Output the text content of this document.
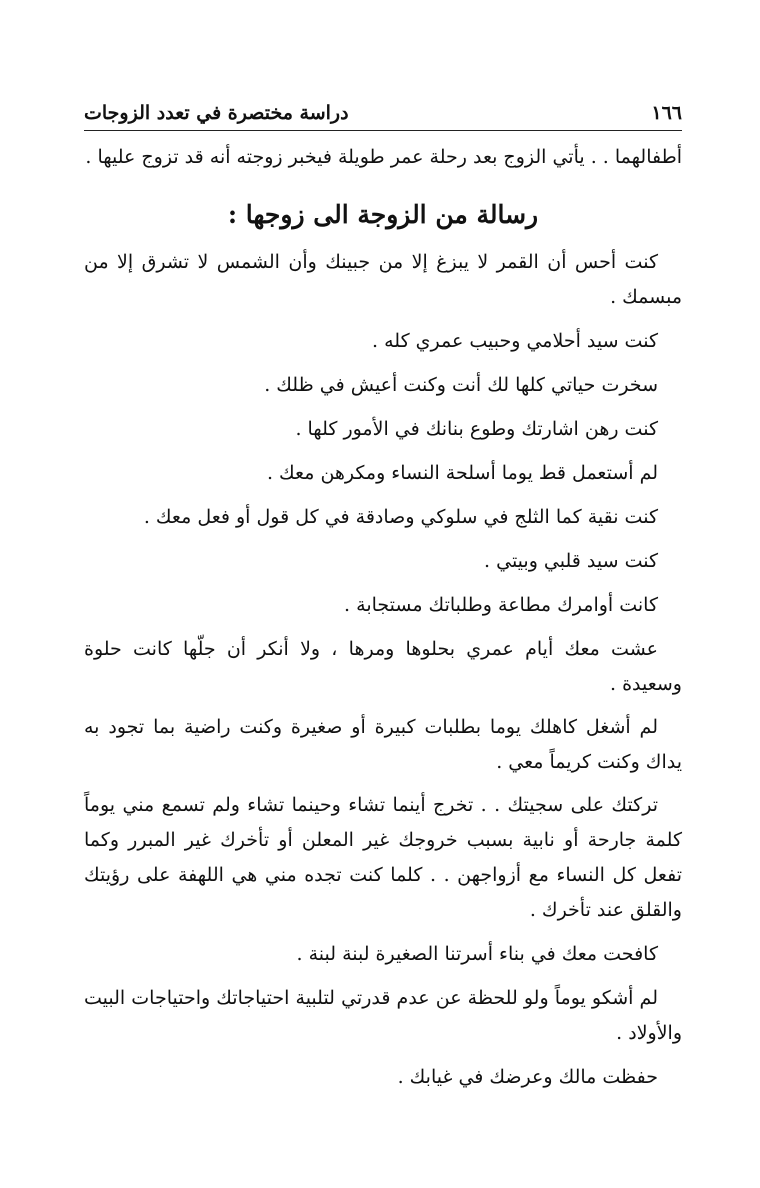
١٦٦
دراسة مختصرة في تعدد الزوجات

أطفالهما . . يأتي الزوج بعد رحلة عمر طويلة فيخبر زوجته أنه قد تزوج عليها .

رسالة من الزوجة الى زوجها :

كنت أحس أن القمر لا يبزغ إلا من جبينك وأن الشمس لا تشرق إلا من مبسمك .

كنت سيد أحلامي وحبيب عمري كله .

سخرت حياتي كلها لك أنت وكنت أعيش في ظلك .

كنت رهن اشارتك وطوع بنانك في الأمور كلها .

لم أستعمل قط يوما أسلحة النساء ومكرهن معك .

كنت نقية كما الثلج في سلوكي وصادقة في كل قول أو فعل معك .

كنت سيد قلبي وبيتي .

كانت أوامرك مطاعة وطلباتك مستجابة .

عشت معك أيام عمري بحلوها ومرها ، ولا أنكر أن جلّها كانت حلوة وسعيدة .

لم أشغل كاهلك يوما بطلبات كبيرة أو صغيرة وكنت راضية بما تجود به يداك وكنت كريماً معي .

تركتك على سجيتك . . تخرج أينما تشاء وحينما تشاء ولم تسمع مني يوماً كلمة جارحة أو نابية بسبب خروجك غير المعلن أو تأخرك غير المبرر وكما تفعل كل النساء مع أزواجهن . . كلما كنت تجده مني هي اللهفة على رؤيتك والقلق عند تأخرك .

كافحت معك في بناء أسرتنا الصغيرة لبنة لبنة .

لم أشكو يوماً ولو للحظة عن عدم قدرتي لتلبية احتياجاتك واحتياجات البيت والأولاد .

حفظت مالك وعرضك في غيابك .
